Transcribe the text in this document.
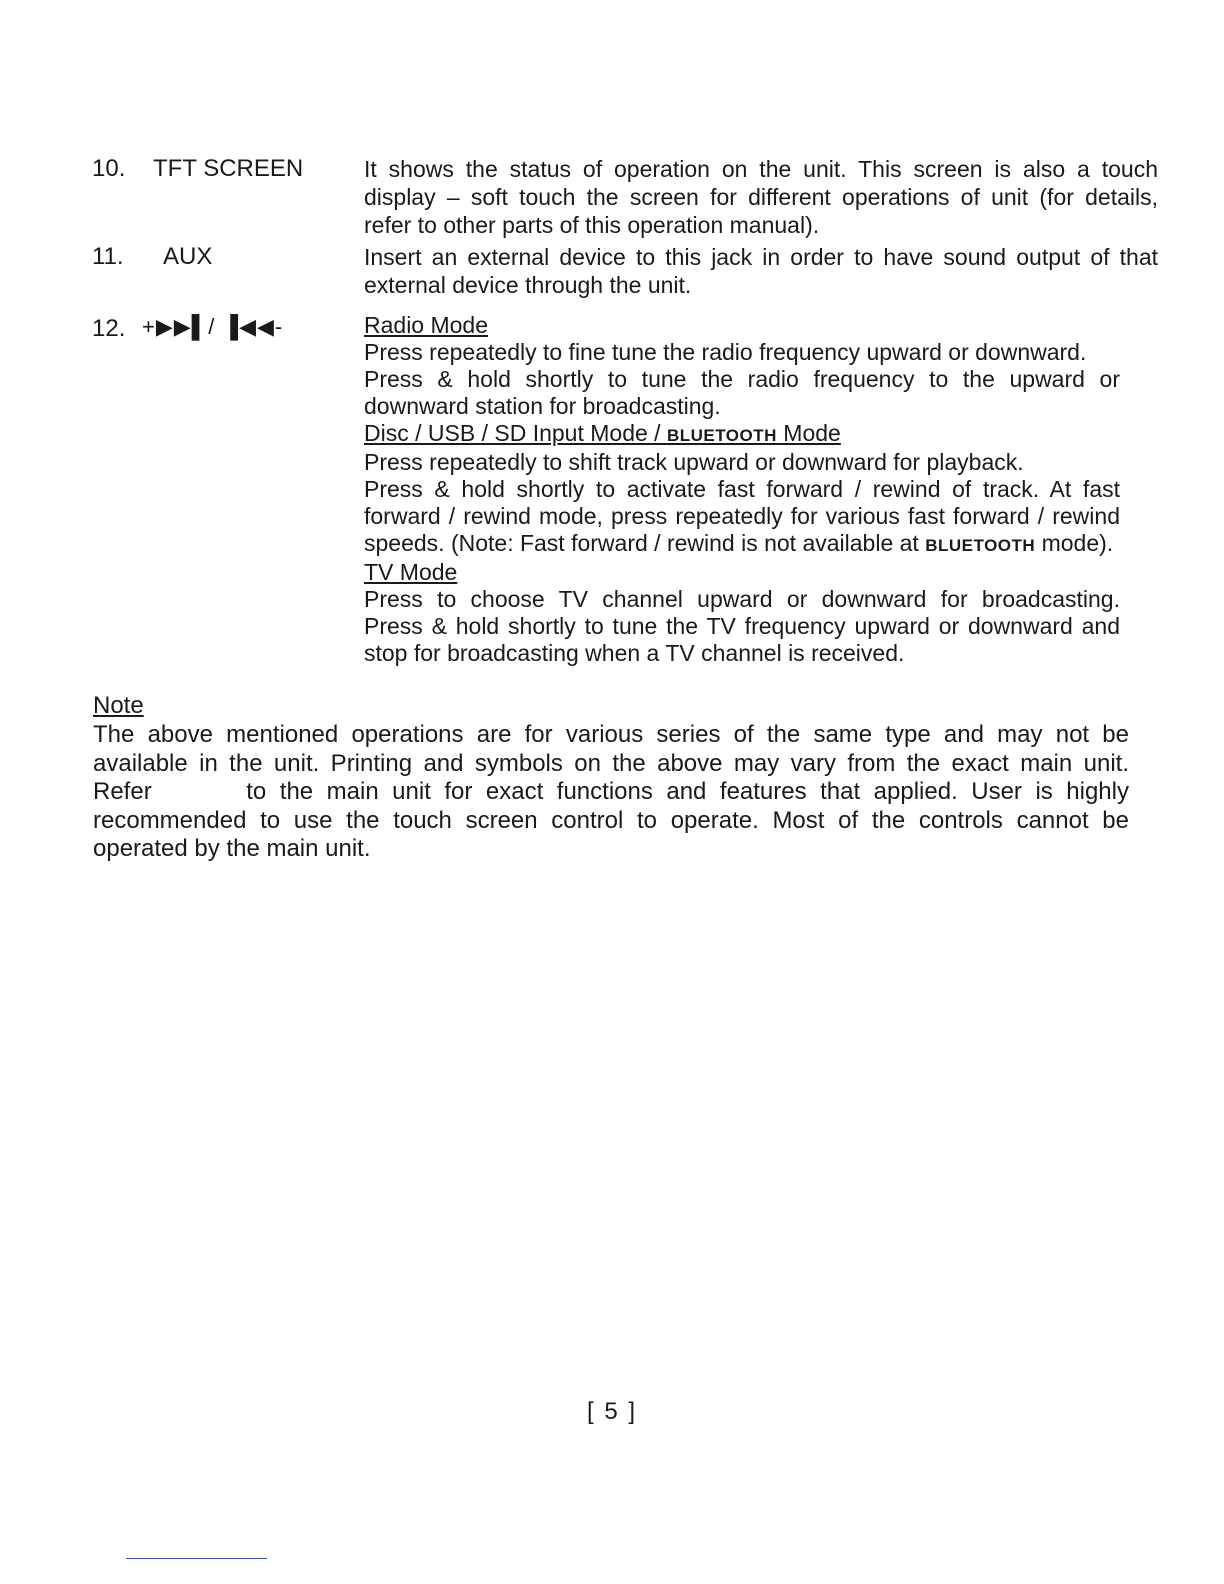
10. TFT SCREEN	It shows the status of operation on the unit. This screen is also a touch
display – soft touch the screen for different operations of unit (for details,
refer to other parts of this operation manual).
11. AUX	Insert an external device to this jack in order to have sound output of that
external device through the unit.
12. +▶▶▌/ ▐◀◀-	Radio Mode
Press repeatedly to fine tune the radio frequency upward or downward.
Press & hold shortly to tune the radio frequency to the upward or
downward station for broadcasting.
Disc / USB / SD Input Mode / BLUETOOTH Mode
Press repeatedly to shift track upward or downward for playback.
Press & hold shortly to activate fast forward / rewind of track. At fast
forward / rewind mode, press repeatedly for various fast forward / rewind
speeds. (Note: Fast forward / rewind is not available at BLUETOOTH mode).
TV Mode
Press to choose TV channel upward or downward for broadcasting.
Press & hold shortly to tune the TV frequency upward or downward and
stop for broadcasting when a TV channel is received.
Note
The above mentioned operations are for various series of the same type and may not be
available in the unit. Printing and symbols on the above may vary from the exact main unit.
Refer       to the main unit for exact functions and features that applied. User is highly
recommended to use the touch screen control to operate. Most of the controls cannot be
operated by the main unit.
[ 5 ]
